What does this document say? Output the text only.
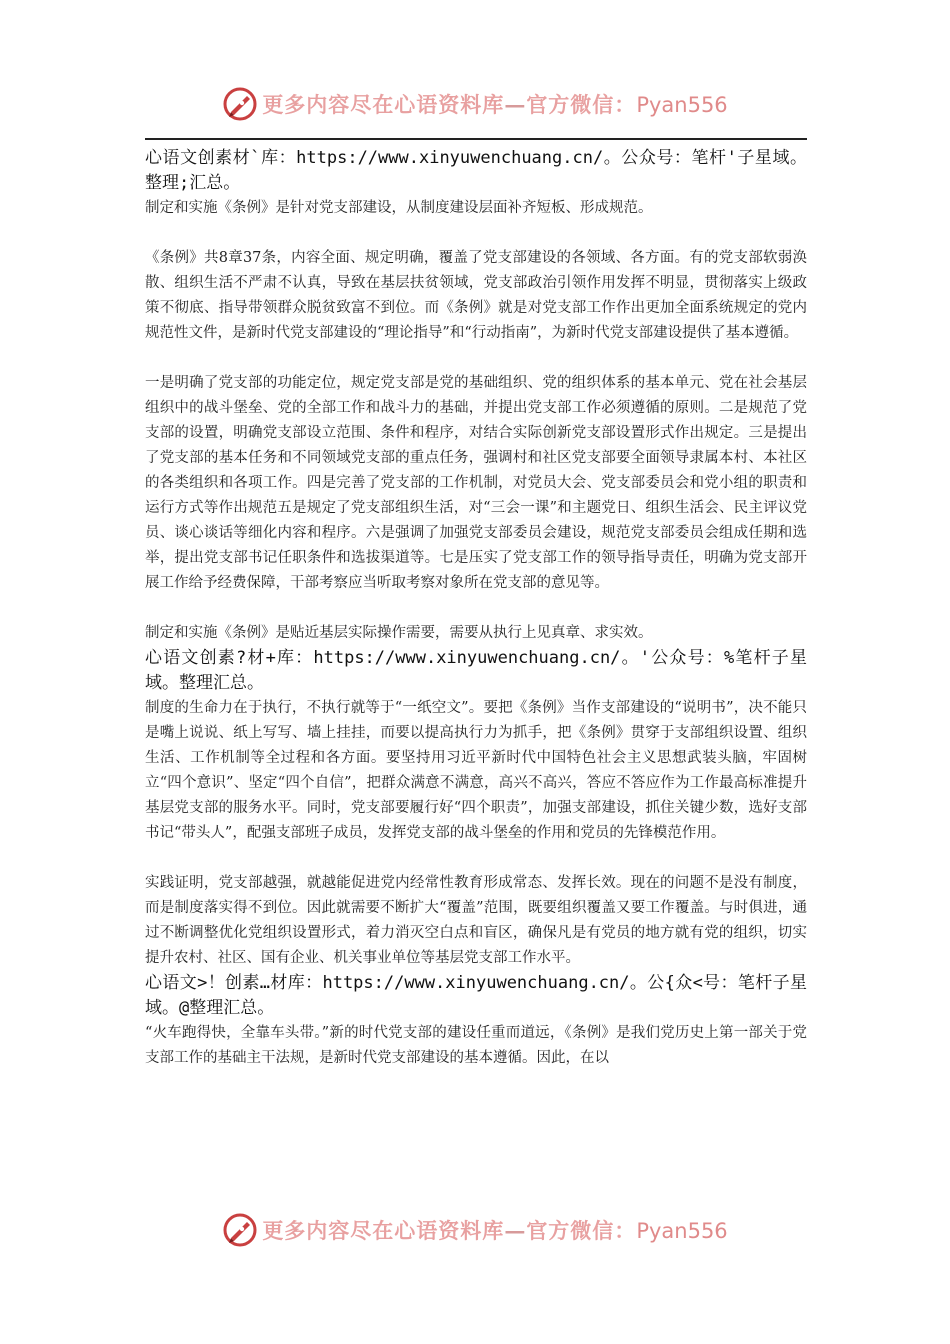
更多内容尽在心语资料库—官方微信：Pyan556
心语文创素材`库：https://www.xinyuwenchuang.cn/。公众号：笔杆'子星域。整理;汇总。
制定和实施《条例》是针对党支部建设，从制度建设层面补齐短板、形成规范。
《条例》共8章37条，内容全面、规定明确，覆盖了党支部建设的各领域、各方面。有的党支部软弱涣散、组织生活不严肃不认真，导致在基层扶贫领域，党支部政治引领作用发挥不明显，贯彻落实上级政策不彻底、指导带领群众脱贫致富不到位。而《条例》就是对党支部工作作出更加全面系统规定的党内规范性文件，是新时代党支部建设的“理论指导”和“行动指南”，为新时代党支部建设提供了基本遵循。
一是明确了党支部的功能定位，规定党支部是党的基础组织、党的组织体系的基本单元、党在社会基层组织中的战斗堡垒、党的全部工作和战斗力的基础，并提出党支部工作必须遵循的原则。二是规范了党支部的设置，明确党支部设立范围、条件和程序，对结合实际创新党支部设置形式作出规定。三是提出了党支部的基本任务和不同领域党支部的重点任务，强调村和社区党支部要全面领导隶属本村、本社区的各类组织和各项工作。四是完善了党支部的工作机制，对党员大会、党支部委员会和党小组的职责和运行方式等作出规范五是规定了党支部组织生活，对“三会一课”和主题党日、组织生活会、民主评议党员、谈心谈话等细化内容和程序。六是强调了加强党支部委员会建设，规范党支部委员会组成任期和选举，提出党支部书记任职条件和选拔渠道等。七是压实了党支部工作的领导指导责任，明确为党支部开展工作给予经费保障，干部考察应当听取考察对象所在党支部的意见等。
制定和实施《条例》是贴近基层实际操作需要，需要从执行上见真章、求实效。
心语文创素?材+库：https://www.xinyuwenchuang.cn/。'公众号：%笔杆子星域。整理汇总。
制度的生命力在于执行，不执行就等于“一纸空文”。要把《条例》当作支部建设的“说明书”，决不能只是嘴上说说、纸上写写、墙上挂挂，而要以提高执行力为抓手，把《条例》贯穿于支部组织设置、组织生活、工作机制等全过程和各方面。要坚持用习近平新时代中国特色社会主义思想武装头脑，牢固树立“四个意识”、坚定“四个自信”，把群众满意不满意，高兴不高兴，答应不答应作为工作最高标准提升基层党支部的服务水平。同时，党支部要履行好“四个职责”，加强支部建设，抓住关键少数，选好支部书记“带头人”，配强支部班子成员，发挥党支部的战斗堡垒的作用和党员的先锋模范作用。
实践证明，党支部越强，就越能促进党内经常性教育形成常态、发挥长效。现在的问题不是没有制度，而是制度落实得不到位。因此就需要不断扩大“覆盖”范围，既要组织覆盖又要工作覆盖。与时俱进，通过不断调整优化党组织设置形式，着力消灭空白点和盲区，确保凡是有党员的地方就有党的组织，切实提升农村、社区、国有企业、机关事业单位等基层党支部工作水平。
心语文>！创素…材库：https://www.xinyuwenchuang.cn/。公{众<号：笔杆子星域。@整理汇总。
“火车跑得快，全靠车头带。”新的时代党支部的建设任重而道远，《条例》是我们党历史上第一部关于党支部工作的基础主干法规，是新时代党支部建设的基本遵循。因此，在以
更多内容尽在心语资料库—官方微信：Pyan556
